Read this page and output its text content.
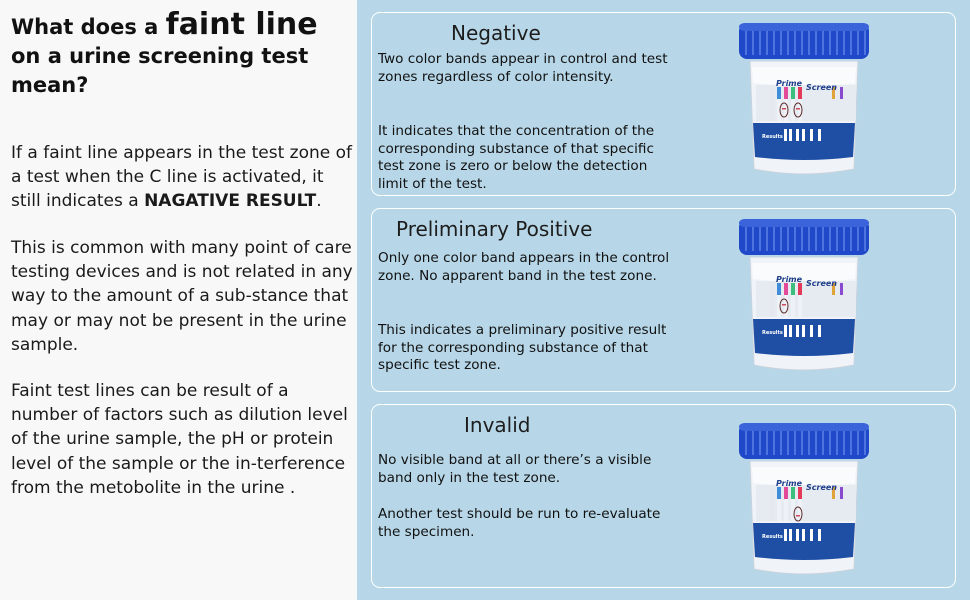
What does a faint line on a urine screening test mean?

If a faint line appears in the test zone of a test when the C line is activated, it still indicates a NAGATIVE RESULT.

This is common with many point of care testing devices and is not related in any way to the amount of a sub-stance that may or may not be present in the urine sample.

Faint test lines can be result of a number of factors such as dilution level of the urine sample, the pH or protein level of the sample or the in-terference from the metobolite in the urine .

Negative

Two color bands appear in control and test zones regardless of color intensity.

It indicates that the concentration of the corresponding substance of that specific test zone is zero or below the detection limit of the test.

Prime Screen
Results
Preliminary Positive

Only one color band appears in the control zone. No apparent band in the test zone.

This indicates a preliminary positive result for the corresponding substance of that specific test zone.

Prime Screen
Results
Invalid

No visible band at all or there’s a visible band only in the test zone.

Another test should be run to re-evaluate the specimen.

Prime Screen
Results
